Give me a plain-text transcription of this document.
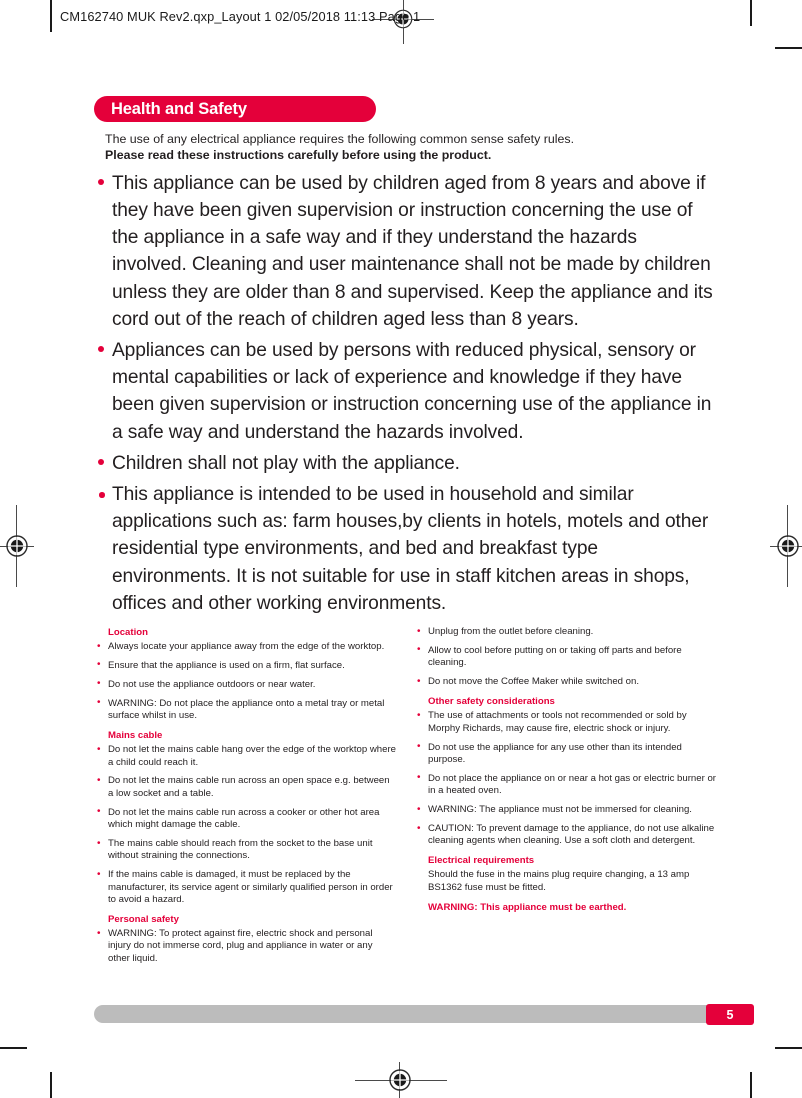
CM162740 MUK Rev2.qxp_Layout 1 02/05/2018 11:13 Page 1
Health and Safety
The use of any electrical appliance requires the following common sense safety rules.
Please read these instructions carefully before using the product.
This appliance can be used by children aged from 8 years and above if they have been given supervision or instruction concerning the use of the appliance in a safe way and if they understand the hazards involved. Cleaning and user maintenance shall not be made by children unless they are older than 8 and supervised. Keep the appliance and its cord out of the reach of children aged less than 8 years.
Appliances can be used by persons with reduced physical, sensory or mental capabilities or lack of experience and knowledge if they have been given supervision or instruction concerning use of the appliance in a safe way and understand the hazards involved.
Children shall not play with the appliance.
This appliance is intended to be used in household and similar applications such as: farm houses,by clients in hotels, motels and other residential type environments, and bed and breakfast type environments. It is not suitable for use in staff kitchen areas in shops, offices and other working environments.
Location
• Always locate your appliance away from the edge of the worktop.
• Ensure that the appliance is used on a firm, flat surface.
• Do not use the appliance outdoors or near water.
• WARNING: Do not place the appliance onto a metal tray or metal surface whilst in use.
Mains cable
• Do not let the mains cable hang over the edge of the worktop where a child could reach it.
• Do not let the mains cable run across an open space e.g. between a low socket and a table.
• Do not let the mains cable run across a cooker or other hot area which might damage the cable.
• The mains cable should reach from the socket to the base unit without straining the connections.
• If the mains cable is damaged, it must be replaced by the manufacturer, its service agent or similarly qualified person in order to avoid a hazard.
Personal safety
• WARNING: To protect against fire, electric shock and personal injury do not immerse cord, plug and appliance in water or any other liquid.
• Unplug from the outlet before cleaning.
• Allow to cool before putting on or taking off parts and before cleaning.
• Do not move the Coffee Maker while switched on.
Other safety considerations
• The use of attachments or tools not recommended or sold by Morphy Richards, may cause fire, electric shock or injury.
• Do not use the appliance for any use other than its intended purpose.
• Do not place the appliance on or near a hot gas or electric burner or in a heated oven.
• WARNING: The appliance must not be immersed for cleaning.
• CAUTION: To prevent damage to the appliance, do not use alkaline cleaning agents when cleaning. Use a soft cloth and detergent.
Electrical requirements
Should the fuse in the mains plug require changing, a 13 amp BS1362 fuse must be fitted.
WARNING: This appliance must be earthed.
5
